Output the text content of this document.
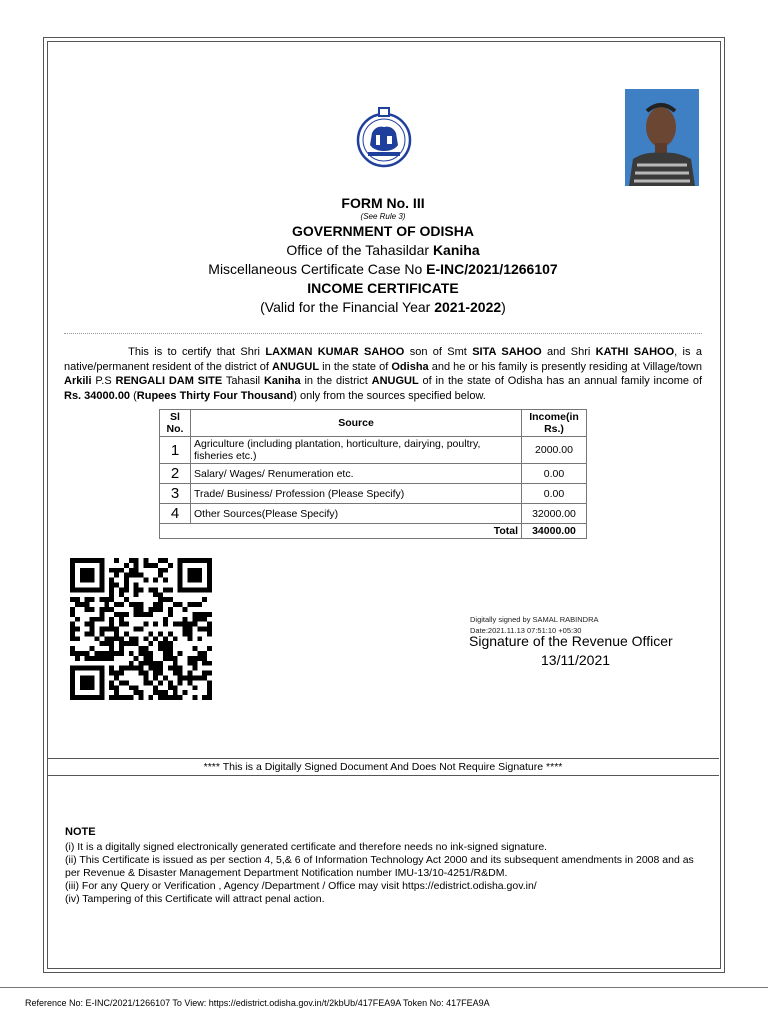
FORM No. III
(See Rule 3)
GOVERNMENT OF ODISHA
Office of the Tahasildar Kaniha
Miscellaneous Certificate Case No E-INC/2021/1266107
INCOME CERTIFICATE
(Valid for the Financial Year 2021-2022)
This is to certify that Shri LAXMAN KUMAR SAHOO son of Smt SITA SAHOO and Shri KATHI SAHOO, is a native/permanent resident of the district of ANUGUL in the state of Odisha and he or his family is presently residing at Village/town Arkili P.S RENGALI DAM SITE Tahasil Kaniha in the district ANUGUL of in the state of Odisha has an annual family income of Rs. 34000.00 (Rupees Thirty Four Thousand) only from the sources specified below.
Sl No.	Source	Income(in Rs.)
1	Agriculture (including plantation, horticulture, dairying, poultry, fisheries etc.)	2000.00
2	Salary/ Wages/ Renumeration etc.	0.00
3	Trade/ Business/ Profession (Please Specify)	0.00
4	Other Sources(Please Specify)	32000.00
Total		34000.00
Digitally signed by SAMAL RABINDRA
Date:2021.11.13 07:51:10 +05:30
Signature of the Revenue Officer
13/11/2021
**** This is a Digitally Signed Document And Does Not Require Signature ****
NOTE
(i) It is a digitally signed electronically generated certificate and therefore needs no ink-signed signature.
(ii) This Certificate is issued as per section 4, 5,& 6 of Information Technology Act 2000 and its subsequent amendments in 2008 and as per Revenue & Disaster Management Department Notification number IMU-13/10-4251/R&DM.
(iii) For any Query or Verification , Agency /Department / Office may visit https://edistrict.odisha.gov.in/
(iv) Tampering of this Certificate will attract penal action.
Reference No: E-INC/2021/1266107 To View: https://edistrict.odisha.gov.in/t/2kbUb/417FEA9A Token No: 417FEA9A
